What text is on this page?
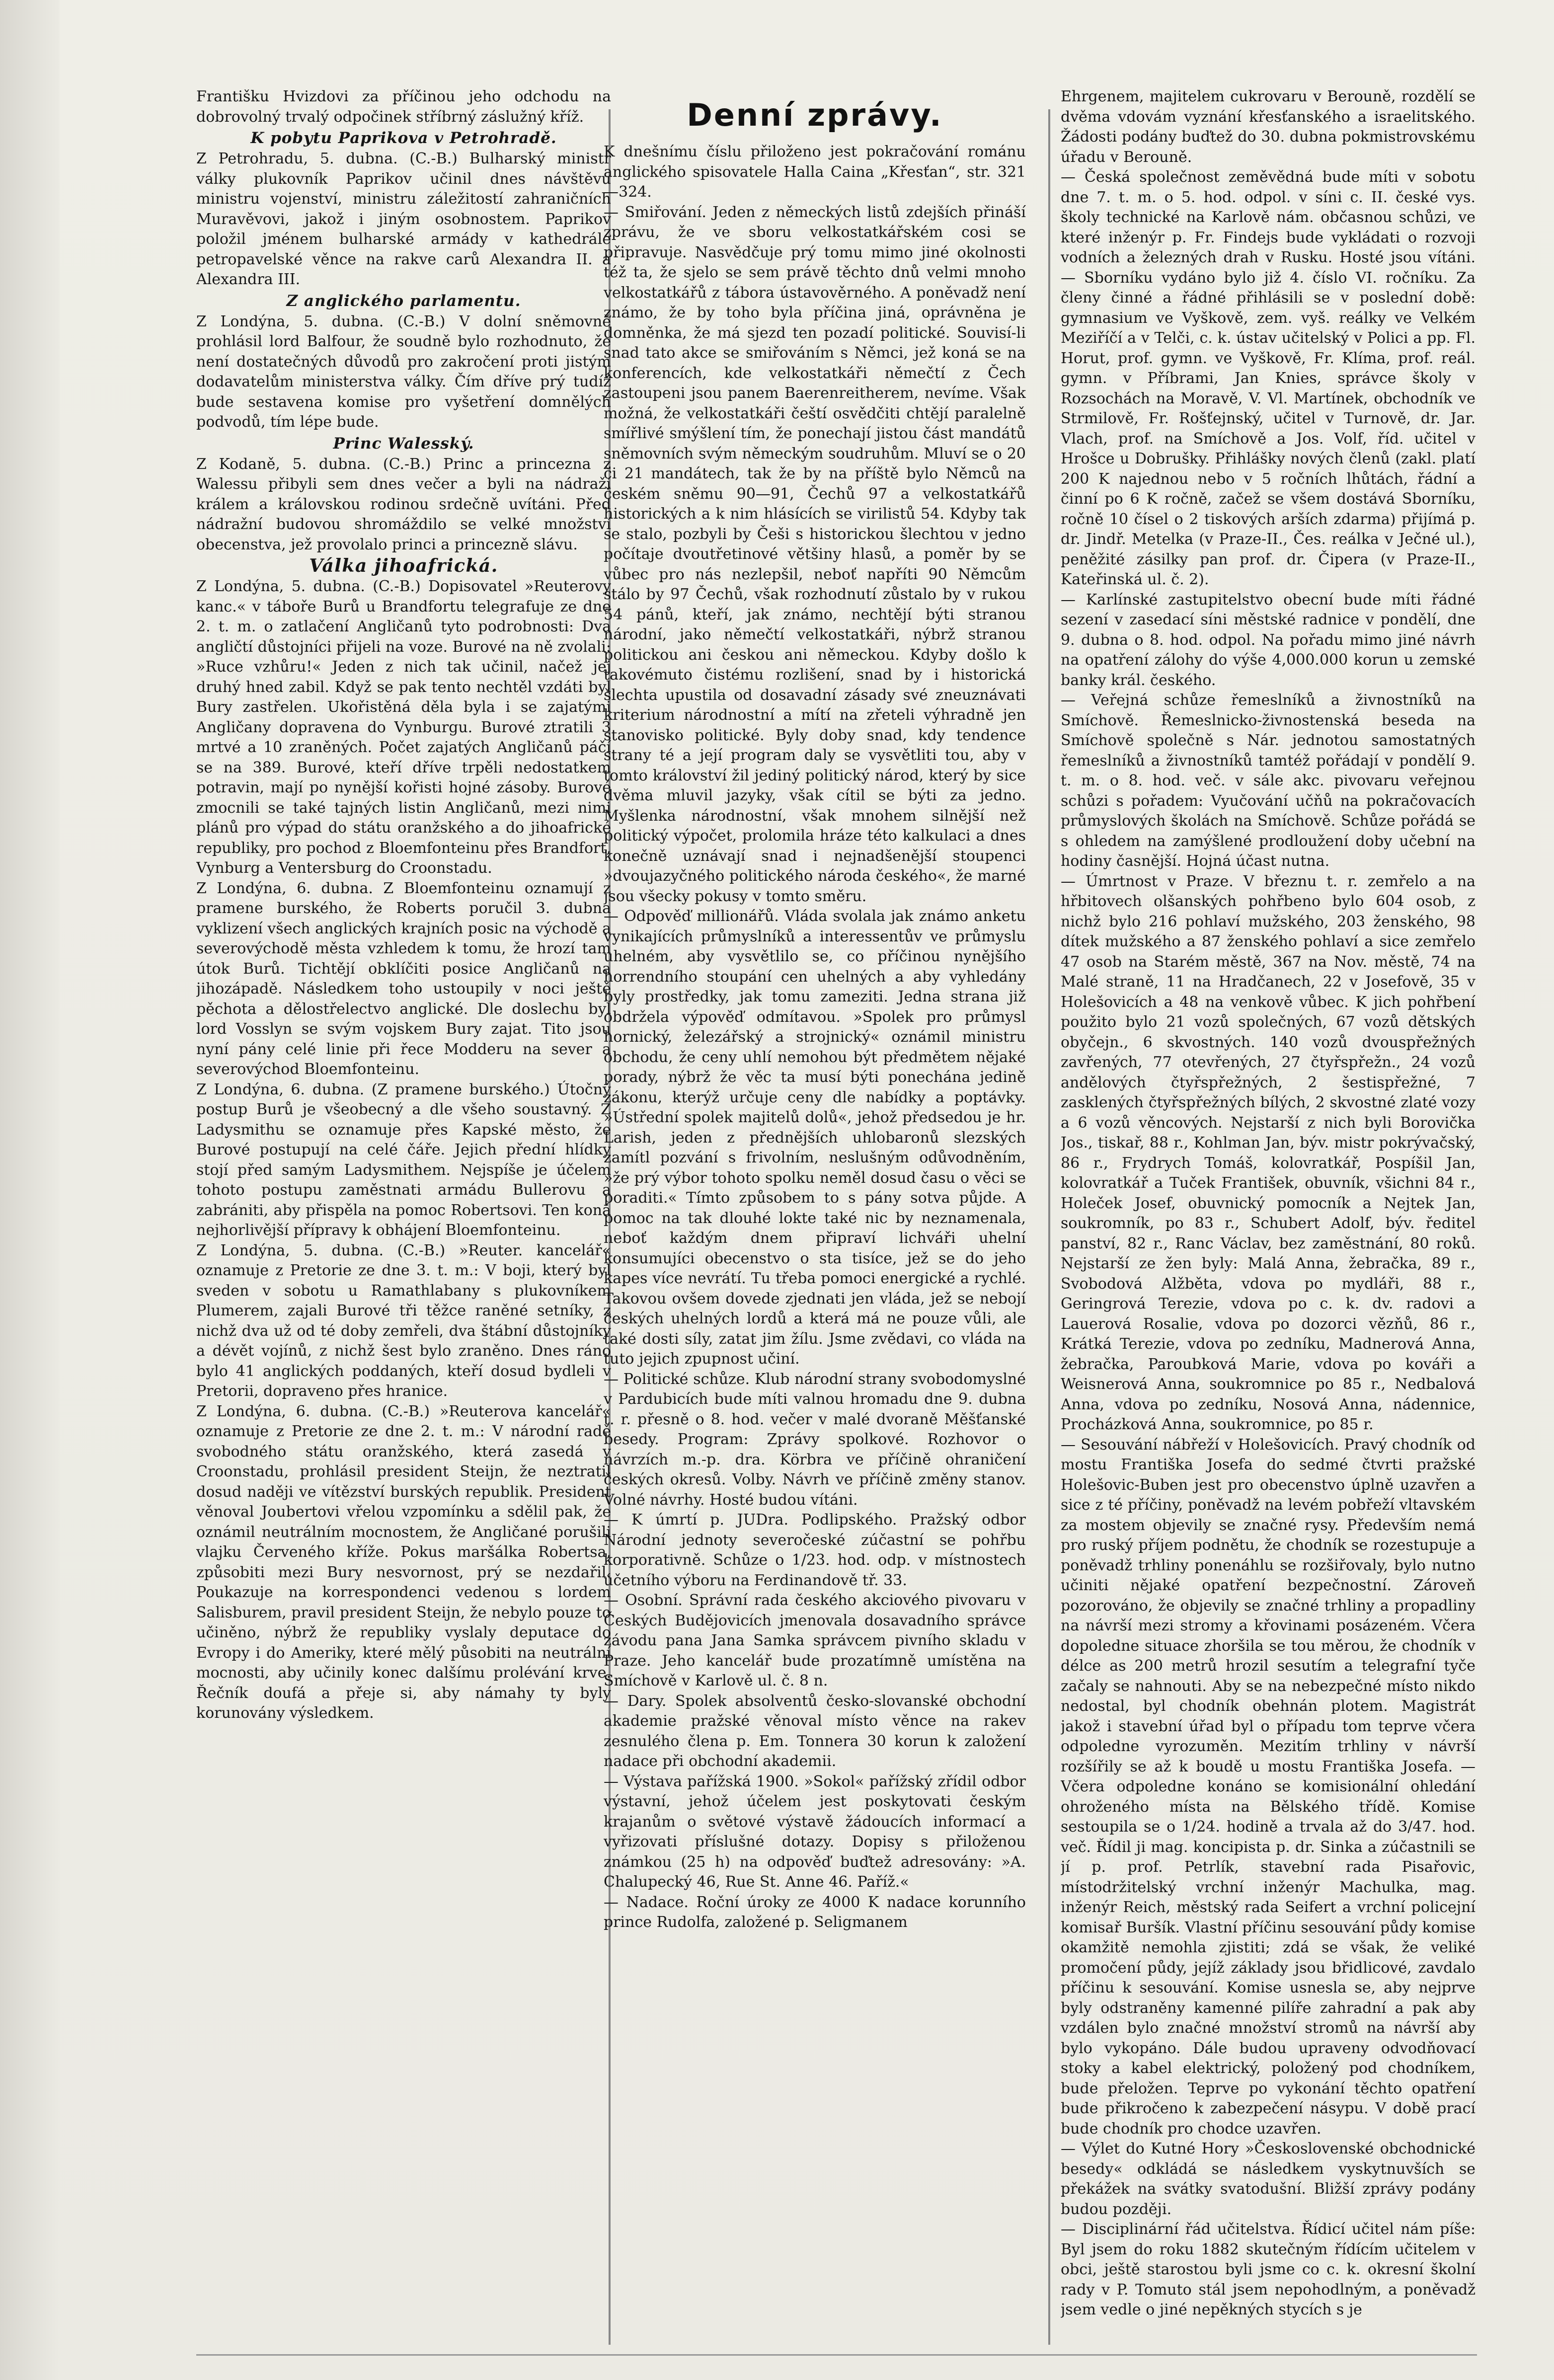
Františku Hvizdovi za příčinou jeho odchodu na dobrovolný trvalý odpočinek stříbrný záslužný kříž.
K pobytu Paprikova v Petrohradě.
Z Petrohradu, 5. dubna. (C.-B.) Bulharský ministr války plukovník Paprikov učinil dnes návštěvu ministru vojenství, ministru záležitostí zahraničních Muravěvovi, jakož i jiným osobnostem. Paprikov položil jménem bulharské armády v kathedrále petropavelské věnce na rakve carů Alexandra II. a Alexandra III.
Z anglického parlamentu.
Z Londýna, 5. dubna. (C.-B.) V dolní sněmovně prohlásil lord Balfour, že soudně bylo rozhodnuto, že není dostatečných důvodů pro zakročení proti jistým dodavatelům ministerstva války. Čím dříve prý tudíž bude sestavena komise pro vyšetření domnělých podvodů, tím lépe bude.
Princ Walesský.
Z Kodaně, 5. dubna. (C.-B.) Princ a princezna z Walessu přibyli sem dnes večer a byli na nádraží králem a královskou rodinou srdečně uvítáni. Před nádražní budovou shromáždilo se velké množství obecenstva, jež provolalo princi a princezně slávu.
Válka jihoafrická.
Z Londýna, 5. dubna. (C.-B.) Dopisovatel »Reuterovy kanc.« v táboře Burů u Brandfortu telegrafuje ze dne 2. t. m. o zatlačení Angličanů tyto podrobnosti: Dva angličtí důstojníci přijeli na voze. Burové na ně zvolali: »Ruce vzhůru!« Jeden z nich tak učinil, načež jej druhý hned zabil. Když se pak tento nechtěl vzdáti byl Bury zastřelen. Ukořistěná děla byla i se zajatými Angličany dopravena do Vynburgu. Burové ztratili 3 mrtvé a 10 zraněných. Počet zajatých Angličanů páčí se na 389. Burové, kteří dříve trpěli nedostatkem potravin, mají po nynější kořisti hojné zásoby. Burové zmocnili se také tajných listin Angličanů, mezi nimi plánů pro výpad do státu oranžského a do jihoafrické republiky, pro pochod z Bloemfonteinu přes Brandfort, Vynburg a Ventersburg do Croonstadu.
Z Londýna, 6. dubna. Z Bloemfonteinu oznamují z pramene burského, že Roberts poručil 3. dubna vyklizení všech anglických krajních posic na východě a severovýchodě města vzhledem k tomu, že hrozí tam útok Burů. Tichtějí obklíčiti posice Angličanů na jihozápadě. Následkem toho ustoupily v noci ještě pěchota a dělostřelectvo anglické. Dle doslechu byl lord Vosslyn se svým vojskem Bury zajat. Tito jsou nyní pány celé linie při řece Modderu na sever a severovýchod Bloemfonteinu.
Z Londýna, 6. dubna. (Z pramene burského.) Útočný postup Burů je všeobecný a dle všeho soustavný. Z Ladysmithu se oznamuje přes Kapské město, že Burové postupují na celé čáře. Jejich přední hlídky stojí před samým Ladysmithem. Nejspíše je účelem tohoto postupu zaměstnati armádu Bullerovu a zabrániti, aby přispěla na pomoc Robertsovi. Ten koná nejhorlivější přípravy k obhájení Bloemfonteinu.
Z Londýna, 5. dubna. (C.-B.) »Reuter. kancelář« oznamuje z Pretorie ze dne 3. t. m.: V boji, který byl sveden v sobotu u Ramathlabany s plukovníkem Plumerem, zajali Burové tři těžce raněné setníky, z nichž dva už od té doby zemřeli, dva štábní důstojníky a dévět vojínů, z nichž šest bylo zraněno. Dnes ráno bylo 41 anglických poddaných, kteří dosud bydleli v Pretorii, dopraveno přes hranice.
Z Londýna, 6. dubna. (C.-B.) »Reuterova kancelář« oznamuje z Pretorie ze dne 2. t. m.: V národní radě svobodného státu oranžského, která zasedá v Croonstadu, prohlásil president Steijn, že neztratil dosud naději ve vítězství burských republik. President věnoval Joubertovi vřelou vzpomínku a sdělil pak, že oznámil neutrálním mocnostem, že Angličané porušili vlajku Červeného kříže. Pokus maršálka Robertsa, způsobiti mezi Bury nesvornost, prý se nezdařil. Poukazuje na korrespondenci vedenou s lordem Salisburem, pravil president Steijn, že nebylo pouze to učiněno, nýbrž že republiky vyslaly deputace do Evropy i do Ameriky, které mělý působiti na neutrální mocnosti, aby učinily konec dalšímu prolévání krve. Řečník doufá a přeje si, aby námahy ty byly korunovány výsledkem.
Denní zprávy.
K dnešnímu číslu přiloženo jest pokračování románu anglického spisovatele Halla Caina „Křesťan“, str. 321—324.
— Smiřování. Jeden z německých listů zdejších přináší zprávu, že ve sboru velkostatkářském cosi se připravuje. Nasvědčuje prý tomu mimo jiné okolnosti též ta, že sjelo se sem právě těchto dnů velmi mnoho velkostatkářů z tábora ústavověrného. A poněvadž není známo, že by toho byla příčina jiná, oprávněna je domněnka, že má sjezd ten pozadí politické. Souvisí-li snad tato akce se smiřováním s Němci, jež koná se na konferencích, kde velkostatkáři němečtí z Čech zastoupeni jsou panem Baerenreitherem, nevíme. Však možná, že velkostatkáři čeští osvědčiti chtějí paralelně smířlivé smýšlení tím, že ponechají jistou část mandátů sněmovních svým německým soudruhům. Mluví se o 20 či 21 mandátech, tak že by na příště bylo Němců na českém sněmu 90—91, Čechů 97 a velkostatkářů historických a k nim hlásících se virilistů 54. Kdyby tak se stalo, pozbyli by Češi s historickou šlechtou v jedno počítaje dvoutřetinové většiny hlasů, a poměr by se vůbec pro nás nezlepšil, neboť napříti 90 Němcům stálo by 97 Čechů, však rozhodnutí zůstalo by v rukou 54 pánů, kteří, jak známo, nechtějí býti stranou národní, jako němečtí velkostatkáři, nýbrž stranou politickou ani českou ani německou. Kdyby došlo k takovémuto čistému rozlišení, snad by i historická šlechta upustila od dosavadní zásady své zneuznávati kriterium národnostní a mítí na zřeteli výhradně jen stanovisko politické. Byly doby snad, kdy tendence strany té a její program daly se vysvětliti tou, aby v tomto království žil jediný politický národ, který by sice dvěma mluvil jazyky, však cítil se býti za jedno. Myšlenka národnostní, však mnohem silnější než politický výpočet, prolomila hráze této kalkulaci a dnes konečně uznávají snad i nejnadšenější stoupenci »dvoujazyčného politického národa českého«, že marné jsou všecky pokusy v tomto směru.
— Odpověď millionářů. Vláda svolala jak známo anketu vynikajících průmyslníků a interessentův ve průmyslu uhelném, aby vysvětlilo se, co příčinou nynějšího horrendního stoupání cen uhelných a aby vyhledány byly prostředky, jak tomu zameziti. Jedna strana již obdržela výpověď odmítavou. »Spolek pro průmysl hornický, železářský a strojnický« oznámil ministru obchodu, že ceny uhlí nemohou být předmětem nějaké porady, nýbrž že věc ta musí býti ponechána jedině zákonu, kterýž určuje ceny dle nabídky a poptávky. »Ústřední spolek majitelů dolů«, jehož předsedou je hr. Larish, jeden z přednějších uhlobaronů slezských zamítl pozvání s frivolním, neslušným odůvodněním, »že prý výbor tohoto spolku neměl dosud času o věci se poraditi.« Tímto způsobem to s pány sotva půjde. A pomoc na tak dlouhé lokte také nic by neznamenala, neboť každým dnem připraví lichváři uhelní konsumujíci obecenstvo o sta tisíce, jež se do jeho kapes více nevrátí. Tu třeba pomoci energické a rychlé. Takovou ovšem dovede zjednati jen vláda, jež se nebojí českých uhelných lordů a která má ne pouze vůli, ale také dosti síly, zatat jim žílu. Jsme zvědavi, co vláda na tuto jejich zpupnost učiní.
— Politické schůze. Klub národní strany svobodomyslné v Pardubicích bude míti valnou hromadu dne 9. dubna t. r. přesně o 8. hod. večer v malé dvoraně Měšťanské besedy. Program: Zprávy spolkové. Rozhovor o návrzích m.-p. dra. Körbra ve příčině ohraničení českých okresů. Volby. Návrh ve příčině změny stanov. Volné návrhy. Hosté budou vítáni.
— K úmrtí p. JUDra. Podlipského. Pražský odbor Národní jednoty severočeské zúčastní se pohřbu korporativně. Schůze o 1/23. hod. odp. v místnostech účetního výboru na Ferdinandově tř. 33.
— Osobní. Správní rada českého akciového pivovaru v Českých Budějovicích jmenovala dosavadního správce závodu pana Jana Samka správcem pivního skladu v Praze. Jeho kancelář bude prozatímně umístěna na Smíchově v Karlově ul. č. 8 n.
— Dary. Spolek absolventů česko-slovanské obchodní akademie pražské věnoval místo věnce na rakev zesnulého člena p. Em. Tonnera 30 korun k založení nadace při obchodní akademii.
— Výstava pařížská 1900. »Sokol« pařížský zřídil odbor výstavní, jehož účelem jest poskytovati českým krajanům o světové výstavě žádoucích informací a vyřizovati příslušné dotazy. Dopisy s přiloženou známkou (25 h) na odpověď buďtež adresovány: »A. Chalupecký 46, Rue St. Anne 46. Paříž.«
— Nadace. Roční úroky ze 4000 K nadace korunního prince Rudolfa, založené p. Seligmanem
Ehrgenem, majitelem cukrovaru v Berouně, rozdělí se dvěma vdovám vyznání křesťanského a israelitského. Žádosti podány buďtež do 30. dubna pokmistrovskému úřadu v Berouně.
— Česká společnost zeměvědná bude míti v sobotu dne 7. t. m. o 5. hod. odpol. v síni c. II. české vys. školy technické na Karlově nám. občasnou schůzi, ve které inženýr p. Fr. Findejs bude vykládati o rozvoji vodních a železných drah v Rusku. Hosté jsou vítáni. — Sborníku vydáno bylo již 4. číslo VI. ročníku. Za členy činné a řádné přihlásili se v poslední době: gymnasium ve Vyškově, zem. vyš. reálky ve Velkém Meziříčí a v Telči, c. k. ústav učitelský v Polici a pp. Fl. Horut, prof. gymn. ve Vyškově, Fr. Klíma, prof. reál. gymn. v Příbrami, Jan Knies, správce školy v Rozsochách na Moravě, V. Vl. Martínek, obchodník ve Strmilově, Fr. Rošťejnský, učitel v Turnově, dr. Jar. Vlach, prof. na Smíchově a Jos. Volf, říd. učitel v Hrošce u Dobrušky. Přihlášky nových členů (zakl. platí 200 K najednou nebo v 5 ročních lhůtách, řádní a činní po 6 K ročně, začež se všem dostává Sborníku, ročně 10 čísel o 2 tiskových arších zdarma) přijímá p. dr. Jindř. Metelka (v Praze-II., Čes. reálka v Ječné ul.), peněžité zásilky pan prof. dr. Čipera (v Praze-II., Kateřinská ul. č. 2).
— Karlínské zastupitelstvo obecní bude míti řádné sezení v zasedací síni městské radnice v pondělí, dne 9. dubna o 8. hod. odpol. Na pořadu mimo jiné návrh na opatření zálohy do výše 4,000.000 korun u zemské banky král. českého.
— Veřejná schůze řemeslníků a živnostníků na Smíchově. Řemeslnicko-živnostenská beseda na Smíchově společně s Nár. jednotou samostatných řemeslníků a živnostníků tamtéž pořádají v pondělí 9. t. m. o 8. hod. več. v sále akc. pivovaru veřejnou schůzi s pořadem: Vyučování učňů na pokračovacích průmyslových školách na Smíchově. Schůze pořádá se s ohledem na zamýšlené prodloužení doby učební na hodiny časnější. Hojná účast nutna.
— Úmrtnost v Praze. V březnu t. r. zemřelo a na hřbitovech olšanských pohřbeno bylo 604 osob, z nichž bylo 216 pohlaví mužského, 203 ženského, 98 dítek mužského a 87 ženského pohlaví a sice zemřelo 47 osob na Starém městě, 367 na Nov. městě, 74 na Malé straně, 11 na Hradčanech, 22 v Josefově, 35 v Holešovicích a 48 na venkově vůbec. K jich pohřbení použito bylo 21 vozů společných, 67 vozů dětských obyčejn., 6 skvostných. 140 vozů dvouspřežných zavřených, 77 otevřených, 27 čtyřspřežn., 24 vozů andělových čtyřspřežných, 2 šestispřežné, 7 zasklených čtyřspřežných bílých, 2 skvostné zlaté vozy a 6 vozů věncových. Nejstarší z nich byli Borovička Jos., tiskař, 88 r., Kohlman Jan, býv. mistr pokrývačský, 86 r., Frydrych Tomáš, kolovratkář, Pospíšil Jan, kolovratkář a Tuček František, obuvník, všichni 84 r., Holeček Josef, obuvnický pomocník a Nejtek Jan, soukromník, po 83 r., Schubert Adolf, býv. ředitel panství, 82 r., Ranc Václav, bez zaměstnání, 80 roků. Nejstarší ze žen byly: Malá Anna, žebračka, 89 r., Svobodová Alžběta, vdova po mydláři, 88 r., Geringrová Terezie, vdova po c. k. dv. radovi a Lauerová Rosalie, vdova po dozorci vězňů, 86 r., Krátká Terezie, vdova po zedníku, Madnerová Anna, žebračka, Paroubková Marie, vdova po kováři a Weisnerová Anna, soukromnice po 85 r., Nedbalová Anna, vdova po zedníku, Nosová Anna, nádennice, Procházková Anna, soukromnice, po 85 r.
— Sesouvání nábřeží v Holešovicích. Pravý chodník od mostu Františka Josefa do sedmé čtvrti pražské Holešovic-Buben jest pro obecenstvo úplně uzavřen a sice z té příčiny, poněvadž na levém pobřeží vltavském za mostem objevily se značné rysy. Především nemá pro ruský příjem podnětu, že chodník se rozestupuje a poněvadž trhliny ponenáhlu se rozšiřovaly, bylo nutno učiniti nějaké opatření bezpečnostní. Zároveň pozorováno, že objevily se značné trhliny a propadliny na návrší mezi stromy a křovinami posázeném. Včera dopoledne situace zhoršila se tou měrou, že chodník v délce as 200 metrů hrozil sesutím a telegrafní tyče začaly se nahnouti. Aby se na nebezpečné místo nikdo nedostal, byl chodník obehnán plotem. Magistrát jakož i stavební úřad byl o případu tom teprve včera odpoledne vyrozuměn. Mezitím trhliny v návrší rozšířily se až k boudě u mostu Františka Josefa. — Včera odpoledne konáno se komisionální ohledání ohroženého místa na Bělského třídě. Komise sestoupila se o 1/24. hodině a trvala až do 3/47. hod. več. Řídil ji mag. koncipista p. dr. Sinka a zúčastnili se jí p. prof. Petrlík, stavební rada Pisařovic, místodržitelský vrchní inženýr Machulka, mag. inženýr Reich, městský rada Seifert a vrchní policejní komisař Buršík. Vlastní příčinu sesouvání půdy komise okamžitě nemohla zjistiti; zdá se však, že veliké promočení půdy, jejíž základy jsou břidlicové, zavdalo příčinu k sesouvání. Komise usnesla se, aby nejprve byly odstraněny kamenné pilíře zahradní a pak aby vzdálen bylo značné množství stromů na návrší aby bylo vykopáno. Dále budou upraveny odvodňovací stoky a kabel elektrický, položený pod chodníkem, bude přeložen. Teprve po vykonání těchto opatření bude přikročeno k zabezpečení násypu. V době prací bude chodník pro chodce uzavřen.
— Výlet do Kutné Hory »Československé obchodnické besedy« odkládá se následkem vyskytnuvších se překážek na svátky svatodušní. Bližší zprávy podány budou později.
— Disciplinární řád učitelstva. Řídicí učitel nám píše: Byl jsem do roku 1882 skutečným řídícím učitelem v obci, ještě starostou byli jsme co c. k. okresní školní rady v P. Tomuto stál jsem nepohodlným, a poněvadž jsem vedle o jiné nepěkných stycích s je
